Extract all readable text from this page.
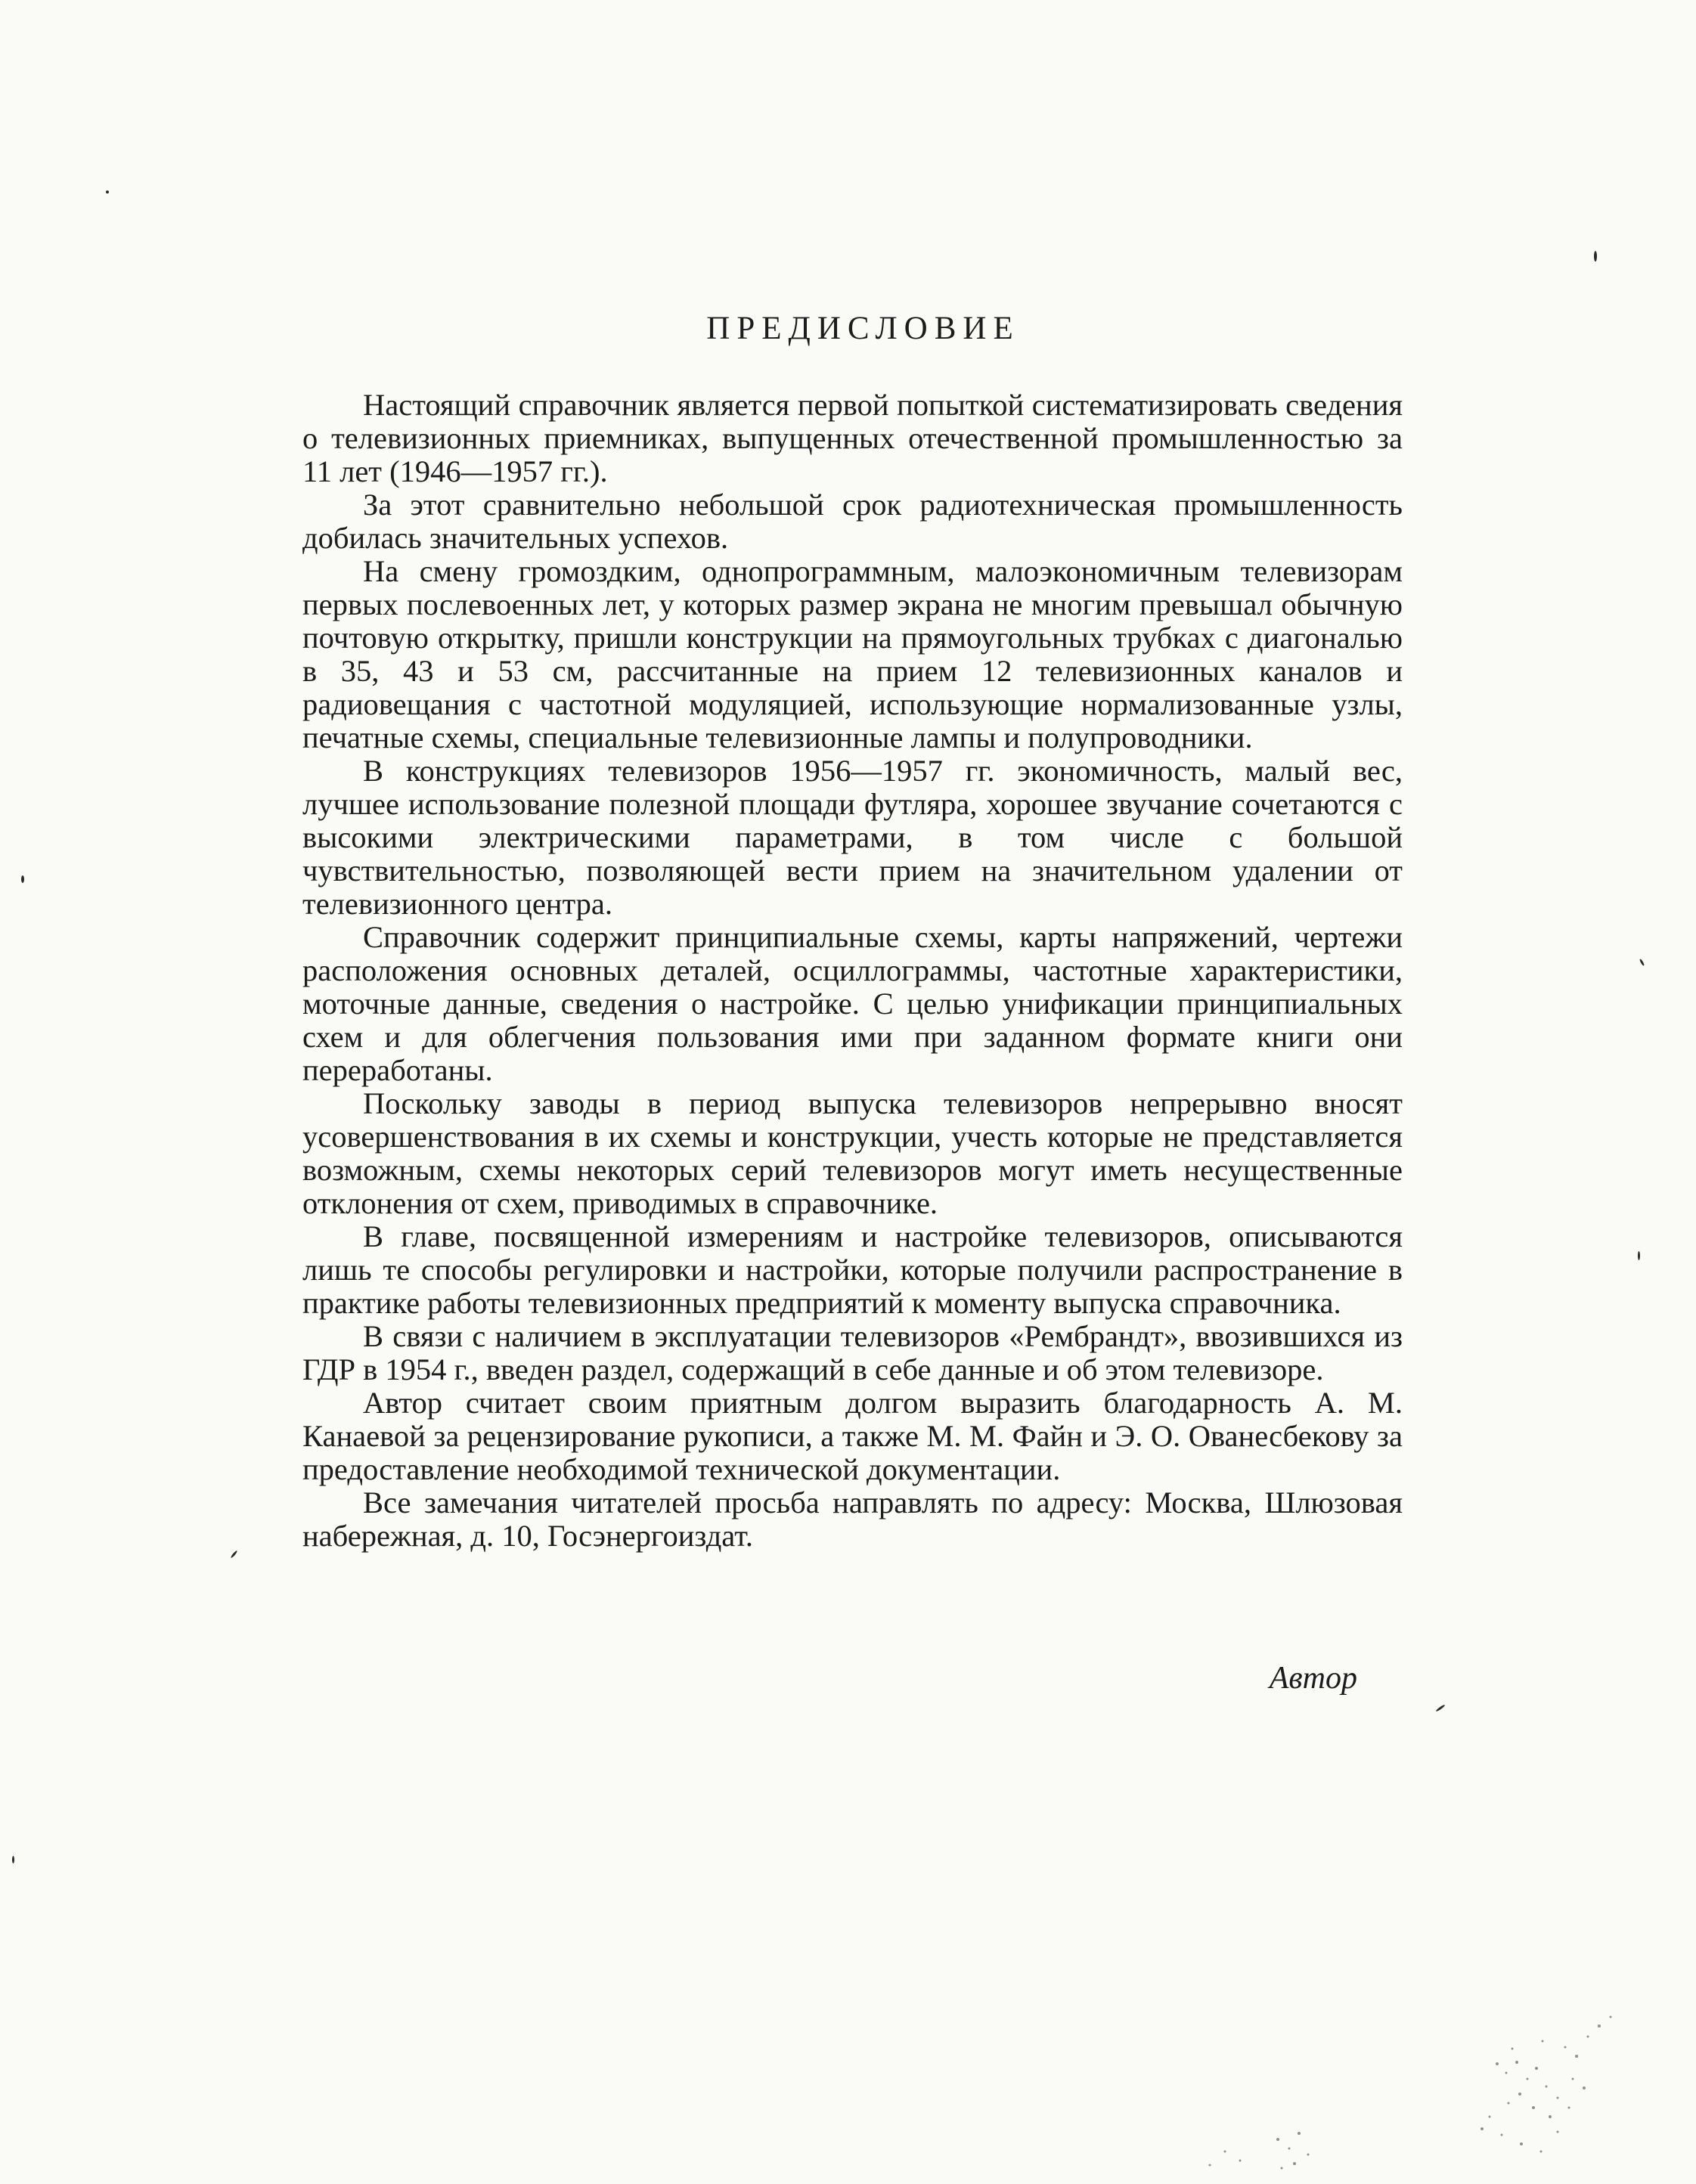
ПРЕДИСЛОВИЕ

Настоящий справочник является первой попыткой систематизировать сведения о телевизионных приемниках, выпущенных отечественной промышленностью за 11 лет (1946—1957 гг.).

За этот сравнительно небольшой срок радиотехническая промышленность добилась значительных успехов.

На смену громоздким, однопрограммным, малоэкономичным телевизорам первых послевоенных лет, у которых размер экрана не многим превышал обычную почтовую открытку, пришли конструкции на прямоугольных трубках с диагональю в 35, 43 и 53 см, рассчитанные на прием 12 телевизионных каналов и радиовещания с частотной модуляцией, использующие нормализованные узлы, печатные схемы, специальные телевизионные лампы и полупроводники.

В конструкциях телевизоров 1956—1957 гг. экономичность, малый вес, лучшее использование полезной площади футляра, хорошее звучание сочетаются с высокими электрическими параметрами, в том числе с большой чувствительностью, позволяющей вести прием на значительном удалении от телевизионного центра.

Справочник содержит принципиальные схемы, карты напряжений, чертежи расположения основных деталей, осциллограммы, частотные характеристики, моточные данные, сведения о настройке. С целью унификации принципиальных схем и для облегчения пользования ими при заданном формате книги они переработаны.

Поскольку заводы в период выпуска телевизоров непрерывно вносят усовершенствования в их схемы и конструкции, учесть которые не представляется возможным, схемы некоторых серий телевизоров могут иметь несущественные отклонения от схем, приводимых в справочнике.

В главе, посвященной измерениям и настройке телевизоров, описываются лишь те способы регулировки и настройки, которые получили распространение в практике работы телевизионных предприятий к моменту выпуска справочника.

В связи с наличием в эксплуатации телевизоров «Рембрандт», ввозившихся из ГДР в 1954 г., введен раздел, содержащий в себе данные и об этом телевизоре.

Автор считает своим приятным долгом выразить благодарность А. М. Канаевой за рецензирование рукописи, а также М. М. Файн и Э. О. Ованесбекову за предоставление необходимой технической документации.

Все замечания читателей просьба направлять по адресу: Москва, Шлюзовая набережная, д. 10, Госэнергоиздат.

Автор
